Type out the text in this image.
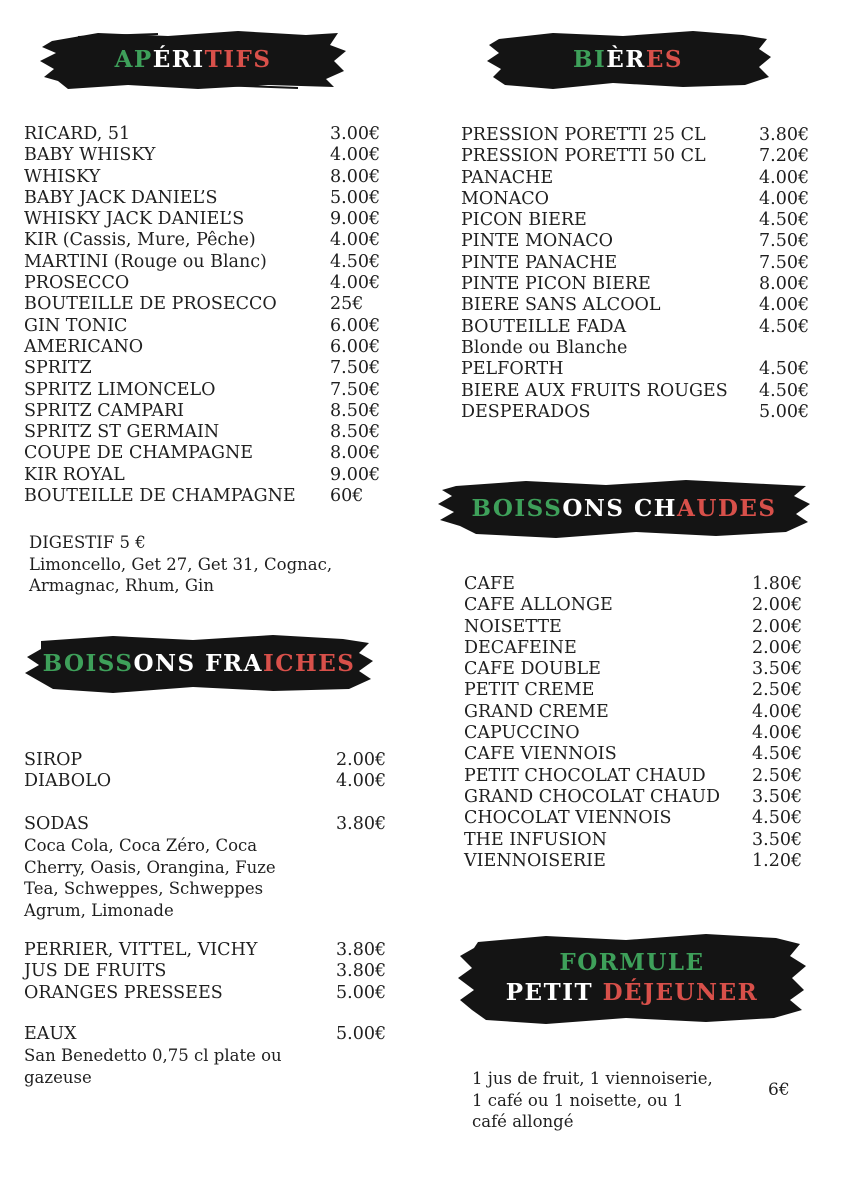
APÉRITIFS	BIÈRES
RICARD, 51	3.00€
BABY WHISKY	4.00€
WHISKY	8.00€
BABY JACK DANIEL’S	5.00€
WHISKY JACK DANIEL’S	9.00€
KIR (Cassis, Mure, Pêche)	4.00€
MARTINI (Rouge ou Blanc)	4.50€
PROSECCO	4.00€
BOUTEILLE DE PROSECCO	25€
GIN TONIC	6.00€
AMERICANO	6.00€
SPRITZ	7.50€
SPRITZ LIMONCELO	7.50€
SPRITZ CAMPARI	8.50€
SPRITZ ST GERMAIN	8.50€
COUPE DE CHAMPAGNE	8.00€
KIR ROYAL	9.00€
BOUTEILLE DE CHAMPAGNE 60€
DIGESTIF 5 €
Limoncello, Get 27, Get 31, Cognac,
Armagnac, Rhum, Gin
PRESSION PORETTI 25 CL	3.80€
PRESSION PORETTI 50 CL	7.20€
PANACHE	4.00€
MONACO	4.00€
PICON BIERE	4.50€
PINTE MONACO	7.50€
PINTE PANACHE	7.50€
PINTE PICON BIERE	8.00€
BIERE SANS ALCOOL	4.00€
BOUTEILLE FADA	4.50€
Blonde ou Blanche
PELFORTH	4.50€
BIERE AUX FRUITS ROUGES 4.50€
DESPERADOS	5.00€
BOISSONS CHAUDES
CAFE	1.80€
CAFE ALLONGE	2.00€
NOISETTE	2.00€
DECAFEINE	2.00€
CAFE DOUBLE	3.50€
PETIT CREME	2.50€
GRAND CREME	4.00€
CAPUCCINO	4.00€
CAFE VIENNOIS	4.50€
PETIT CHOCOLAT CHAUD	2.50€
GRAND CHOCOLAT CHAUD 3.50€
CHOCOLAT VIENNOIS	4.50€
THE INFUSION	3.50€
VIENNOISERIE	1.20€
BOISSONS FRAICHES
SIROP	2.00€
DIABOLO	4.00€
SODAS	3.80€
Coca Cola, Coca Zéro, Coca
Cherry, Oasis, Orangina, Fuze
Tea, Schweppes, Schweppes
Agrum, Limonade
PERRIER, VITTEL, VICHY	3.80€
JUS DE FRUITS	3.80€
ORANGES PRESSEES	5.00€
EAUX	5.00€
San Benedetto 0,75 cl plate ou
gazeuse
FORMULE
PETIT DÉJEUNER
1 jus de fruit, 1 viennoiserie,
1 café ou 1 noisette, ou 1
café allongé
6€
